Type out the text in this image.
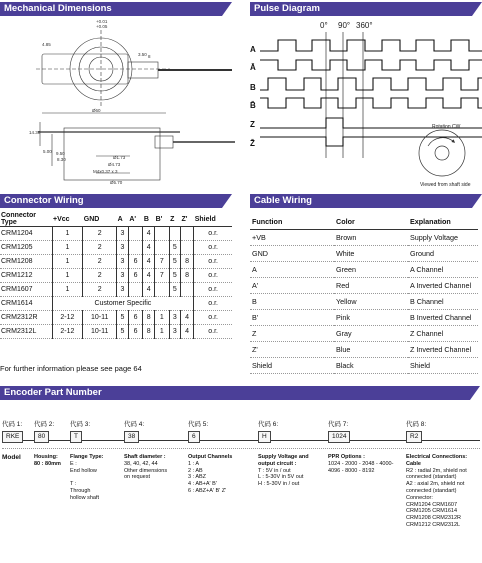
Mechanical Dimensions	Pulse Diagram
Connector Wiring	Cable Wiring
Encoder Part Number
+0.01
+0.05
4.85
3.50
Ø60
8
14.30
5.00 9.50
8.30	Ø1.73
Ø4.73
M4x0.37 x 3
Ø5.70
0° 90° 360°
A
Ā
B
B̄
Z
Z̄
Rotation CW
Viewed from shaft side
Connector Type	+Vcc	GND	A	A'	B	B'	Z	Z'	Shield
CRM1204	1	2	3		4				o.r.
CRM1205	1	2	3		4		5		o.r.
CRM1208	1	2	3	6	4	7	5	8	o.r.
CRM1212	1	2	3	6	4	7	5	8	o.r.
CRM1607	1	2	3		4		5		o.r.
CRM1614	Customer Specific								o.r.
CRM2312R	2-12	10-11	5	6	8	1	3	4	o.r.
CRM2312L	2-12	10-11	5	6	8	1	3	4	o.r.
For further information please see page 64
Function	Color	Explanation
+VB	Brown	Supply Voltage
GND	White	Ground
A	Green	A Channel
A'	Red	A Inverted Channel
B	Yellow	B Channel
B'	Pink	B Inverted Channel
Z	Gray	Z Channel
Z'	Blue	Z Inverted Channel
Shield	Black	Shield
代码 1:
RKE
Model
代码 2:
80
Housing:
80 : 80mm
代码 3:
T
Flange Type:
E :
End hollow

T :
Through
hollow shaft
代码 4:
38
Shaft diameter :
38, 40, 42, 44
Other dimensions
on request
代码 5:
6
Output Channels
1 : A
2 : AB
3 : ABZ
4 : AB+A' B'
6 : ABZ+A' B' Z'
代码 6:
H
Supply Voltage and
output circuit :
T : 5V in / out
L : 5-30V in 5V out
H : 5-30V in / out
代码 7:
1024
PPR Options :
1024 - 2000 - 2048 - 4000-
4096 - 8000 - 8192
代码 8:
R2
Electrical Connections:
Cable
R2 : radial 2m, shield not
connected (standart)
A2 : axial 2m, shield not
connected (standart)
Connector:
CRM1204 CRM1607
CRM1205 CRM1614
CRM1208 CRM2312R
CRM1212 CRM2312L
